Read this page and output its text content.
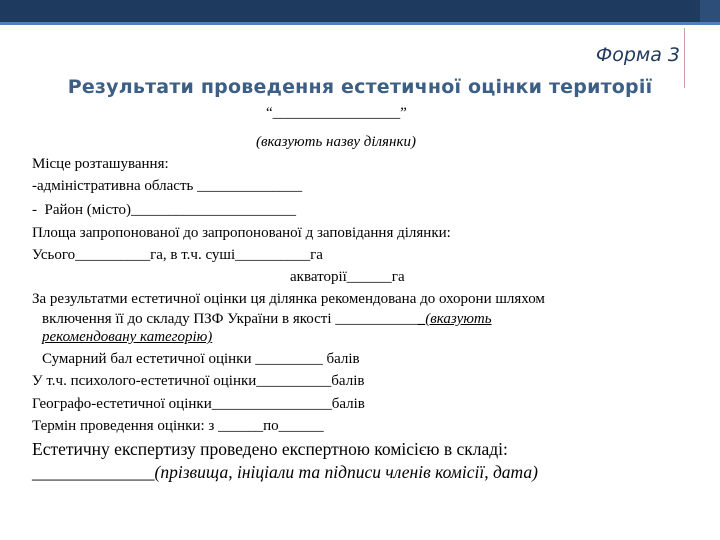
Форма 3
Результати проведення естетичної оцінки території
“_________________”
(вказують назву ділянки)
Місце розташування:
-адміністративна область ______________
-  Район (місто)______________________
Площа запропонованої до запропонованої д заповідання ділянки:
Усього__________га, в т.ч. суші__________га
акваторії______га
За результатми естетичної оцінки ця ділянка рекомендована до охорони шляхом
включення її до складу ПЗФ України в якості ____________(вказують
рекомендовану категорію)
Сумарний бал естетичної оцінки _________ балів
У т.ч. психолого-естетичної оцінки__________балів
Географо-естетичної оцінки________________балів
Термін проведення оцінки: з ______по______
Естетичну експертизу проведено експертною комісією в складі:
______________(прізвища, ініціали та підписи членів комісії, дата)
